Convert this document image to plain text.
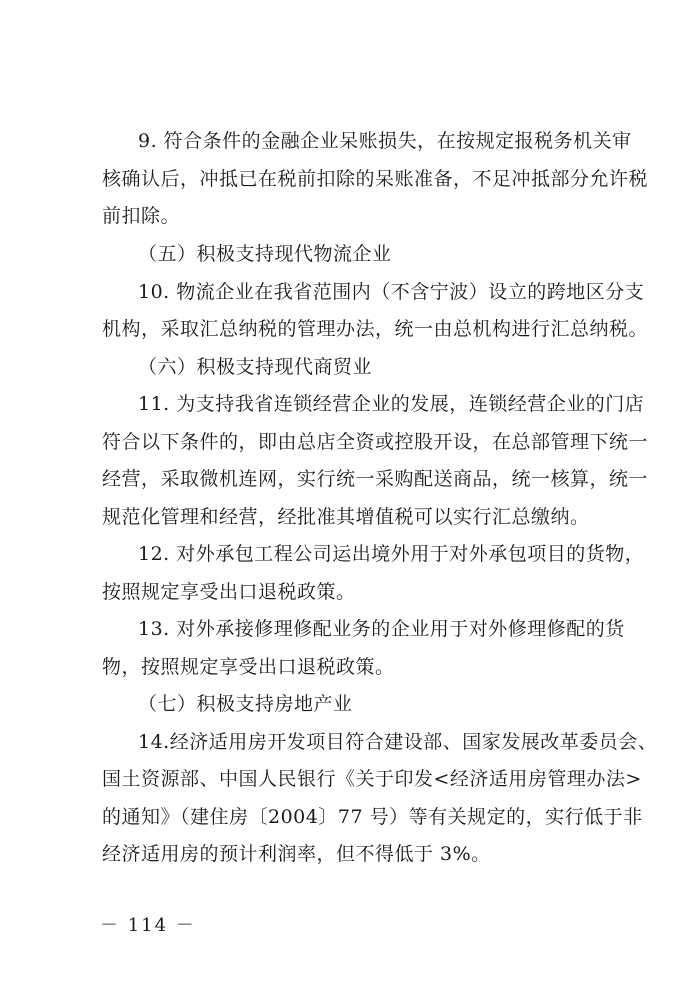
9. 符合条件的金融企业呆账损失，在按规定报税务机关审
核确认后，冲抵已在税前扣除的呆账准备，不足冲抵部分允许税
前扣除。
（五）积极支持现代物流企业
10. 物流企业在我省范围内（不含宁波）设立的跨地区分支
机构，采取汇总纳税的管理办法，统一由总机构进行汇总纳税。
（六）积极支持现代商贸业
11. 为支持我省连锁经营企业的发展，连锁经营企业的门店
符合以下条件的，即由总店全资或控股开设，在总部管理下统一
经营，采取微机连网，实行统一采购配送商品，统一核算，统一
规范化管理和经营，经批准其增值税可以实行汇总缴纳。
12. 对外承包工程公司运出境外用于对外承包项目的货物，
按照规定享受出口退税政策。
13. 对外承接修理修配业务的企业用于对外修理修配的货
物，按照规定享受出口退税政策。
（七）积极支持房地产业
14.经济适用房开发项目符合建设部、国家发展改革委员会、
国土资源部、中国人民银行《关于印发<经济适用房管理办法>
的通知》（建住房〔2004〕77 号）等有关规定的，实行低于非
经济适用房的预计利润率，但不得低于 3%。
－ 114 －
